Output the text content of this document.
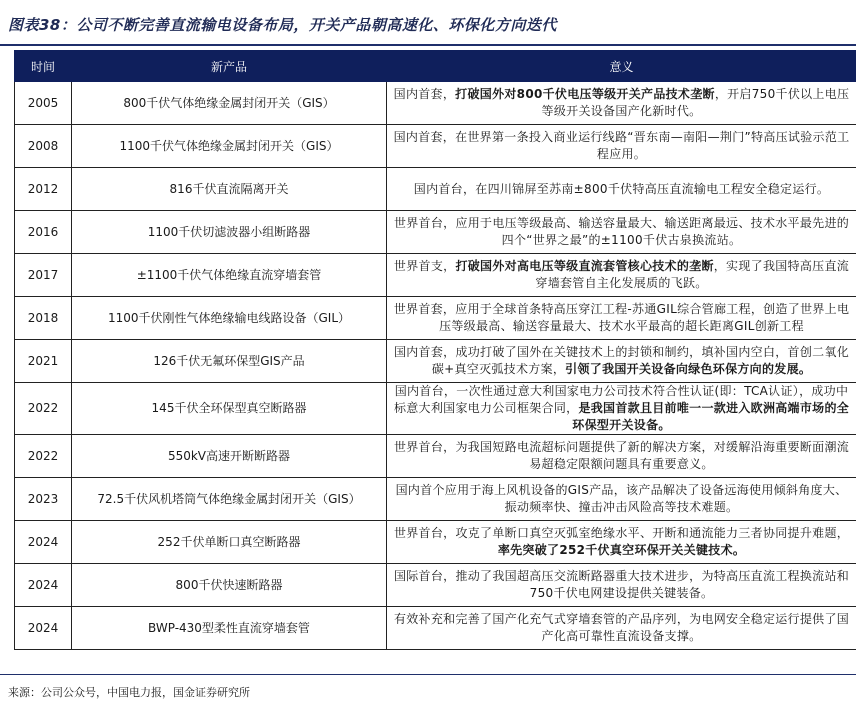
图表38：公司不断完善直流输电设备布局，开关产品朝高速化、环保化方向迭代
时间	新产品	意义
2005	800千伏气体绝缘金属封闭开关（GIS）	国内首套，打破国外对800千伏电压等级开关产品技术垄断，开启750千伏以上电压等级开关设备国产化新时代。
2008	1100千伏气体绝缘金属封闭开关（GIS）	国内首套，在世界第一条投入商业运行线路“晋东南—南阳—荆门”特高压试验示范工程应用。
2012	816千伏直流隔离开关	国内首台，在四川锦屏至苏南±800千伏特高压直流输电工程安全稳定运行。
2016	1100千伏切滤波器小组断路器	世界首台，应用于电压等级最高、输送容量最大、输送距离最远、技术水平最先进的四个“世界之最”的±1100千伏古泉换流站。
2017	±1100千伏气体绝缘直流穿墙套管	世界首支，打破国外对高电压等级直流套管核心技术的垄断，实现了我国特高压直流穿墙套管自主化发展质的飞跃。
2018	1100千伏刚性气体绝缘输电线路设备（GIL）	世界首套，应用于全球首条特高压穿江工程-苏通GIL综合管廊工程，创造了世界上电压等级最高、输送容量最大、技术水平最高的超长距离GIL创新工程
2021	126千伏无氟环保型GIS产品	国内首套，成功打破了国外在关键技术上的封锁和制约，填补国内空白，首创二氧化碳+真空灭弧技术方案，引领了我国开关设备向绿色环保方向的发展。
2022	145千伏全环保型真空断路器	国内首台，一次性通过意大利国家电力公司技术符合性认证(即：TCA认证），成功中标意大利国家电力公司框架合同，是我国首款且目前唯一一款进入欧洲高端市场的全环保型开关设备。
2022	550kV高速开断断路器	世界首台，为我国短路电流超标问题提供了新的解决方案，对缓解沿海重要断面潮流易超稳定限额问题具有重要意义。
2023	72.5千伏风机塔筒气体绝缘金属封闭开关（GIS）	国内首个应用于海上风机设备的GIS产品，该产品解决了设备远海使用倾斜角度大、振动频率快、撞击冲击风险高等技术难题。
2024	252千伏单断口真空断路器	世界首台，攻克了单断口真空灭弧室绝缘水平、开断和通流能力三者协同提升难题，率先突破了252千伏真空环保开关关键技术。
2024	800千伏快速断路器	国际首台，推动了我国超高压交流断路器重大技术进步，为特高压直流工程换流站和750千伏电网建设提供关键装备。
2024	BWP-430型柔性直流穿墙套管	有效补充和完善了国产化充气式穿墙套管的产品序列，为电网安全稳定运行提供了国产化高可靠性直流设备支撑。
来源：公司公众号，中国电力报，国金证券研究所
